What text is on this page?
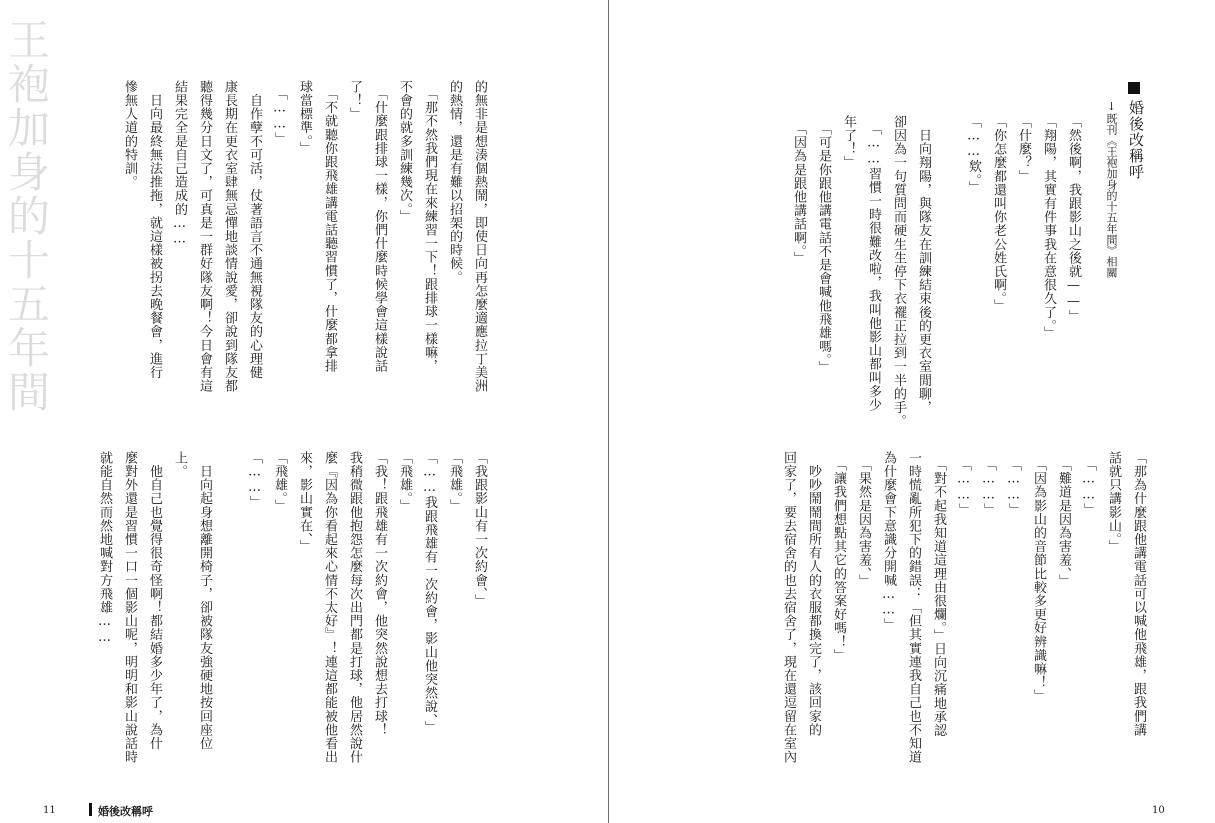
王袍加身的十五年間	的無非是想湊個熱鬧，即使日向再怎麼適應拉丁美洲
的熱情，還是有難以招架的時候。
　「那不然我們現在來練習一下！跟排球一樣嘛，
不會的就多訓練幾次。」
　「什麼跟排球一樣，你們什麼時候學會這樣說話
了！」
　「不就聽你跟飛雄講電話聽習慣了，什麼都拿排
球當標準。」
　「……」
　自作孽不可活，仗著語言不通無視隊友的心理健
康長期在更衣室肆無忌憚地談情說愛，卻說到隊友都
聽得幾分日文了，可真是一群好隊友啊！今日會有這
結果完全是自己造成的……
　日向最終無法推拖，就這樣被拐去晚餐會，進行
慘無人道的特訓。
「我跟影山有一次約會、」
「飛雄。」
「……我跟飛雄有一次約會，影山他突然說、」
「飛雄。」
「我！跟飛雄有一次約會，他突然說想去打球！
我稍微跟他抱怨怎麼每次出門都是打球，他居然說什
麼『因為你看起來心情不太好』！連這都能被他看出
來，影山實在、」
「飛雄。」
「……」

　日向起身想離開椅子，卻被隊友強硬地按回座位
上。
　他自己也覺得很奇怪啊！都結婚多少年了，為什
麼對外還是習慣一口一個影山呢，明明和影山說話時
就能自然而然地喊對方飛雄……
11	婚後改稱呼
婚後改稱呼
↓既刊《王袍加身的十五年間》相關
「然後啊，我跟影山之後就——」
「翔陽，其實有件事我在意很久了。」
「什麼？」
「你怎麼都還叫你老公姓氏啊。」
「……欸。」

　日向翔陽，與隊友在訓練結束後的更衣室閒聊，
卻因為一句質問而硬生生停下衣襬正拉到一半的手。
　「……習慣一時很難改啦，我叫他影山都叫多少
年了！」
　「可是你跟他講電話不是會喊他飛雄嗎。」
　「因為是跟他講話啊。」
「那為什麼跟他講電話可以喊他飛雄，跟我們講
話就只講影山。」
　「……」
　「難道是因為害羞、」
　「因為影山的音節比較多更好辨識嘛！」
　「……」
　「……」
　「……」
　「對不起我知道這理由很爛。」日向沉痛地承認
一時慌亂所犯下的錯誤：「但其實連我自己也不知道
為什麼會下意識分開喊……」
　「果然是因為害羞、」
　「讓我們想點其它的答案好嗎！」
　吵吵鬧鬧間所有人的衣服都換完了，該回家的
回家了，要去宿舍的也去宿舍了，現在還逗留在室內
10
